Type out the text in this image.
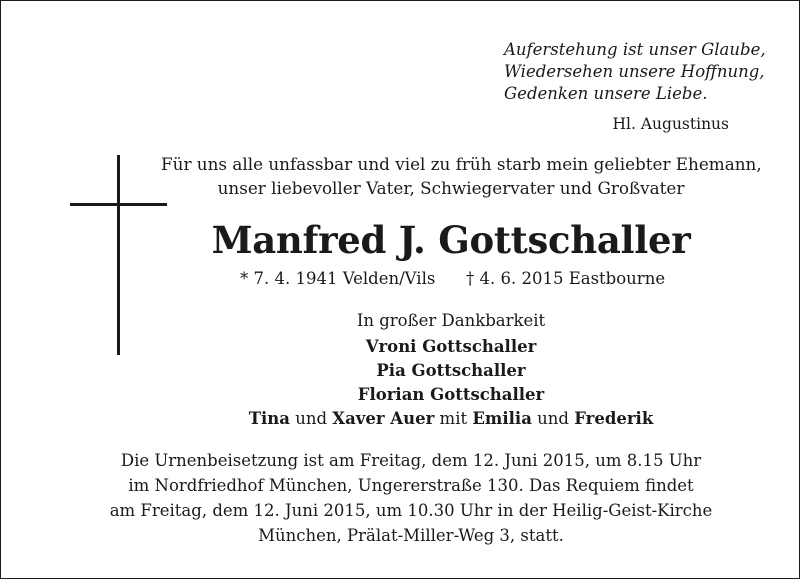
Auferstehung ist unser Glaube,
Wiedersehen unsere Hoffnung,
Gedenken unsere Liebe.
Hl. Augustinus
Für uns alle unfassbar und viel zu früh starb mein geliebter Ehemann,
unser liebevoller Vater, Schwiegervater und Großvater
Manfred J. Gottschaller
* 7. 4. 1941 Velden/Vils † 4. 6. 2015 Eastbourne
In großer Dankbarkeit
Vroni Gottschaller
Pia Gottschaller
Florian Gottschaller
Tina und Xaver Auer mit Emilia und Frederik
Die Urnenbeisetzung ist am Freitag, dem 12. Juni 2015, um 8.15 Uhr
im Nordfriedhof München, Ungererstraße 130. Das Requiem findet
am Freitag, dem 12. Juni 2015, um 10.30 Uhr in der Heilig-Geist-Kirche
München, Prälat-Miller-Weg 3, statt.
